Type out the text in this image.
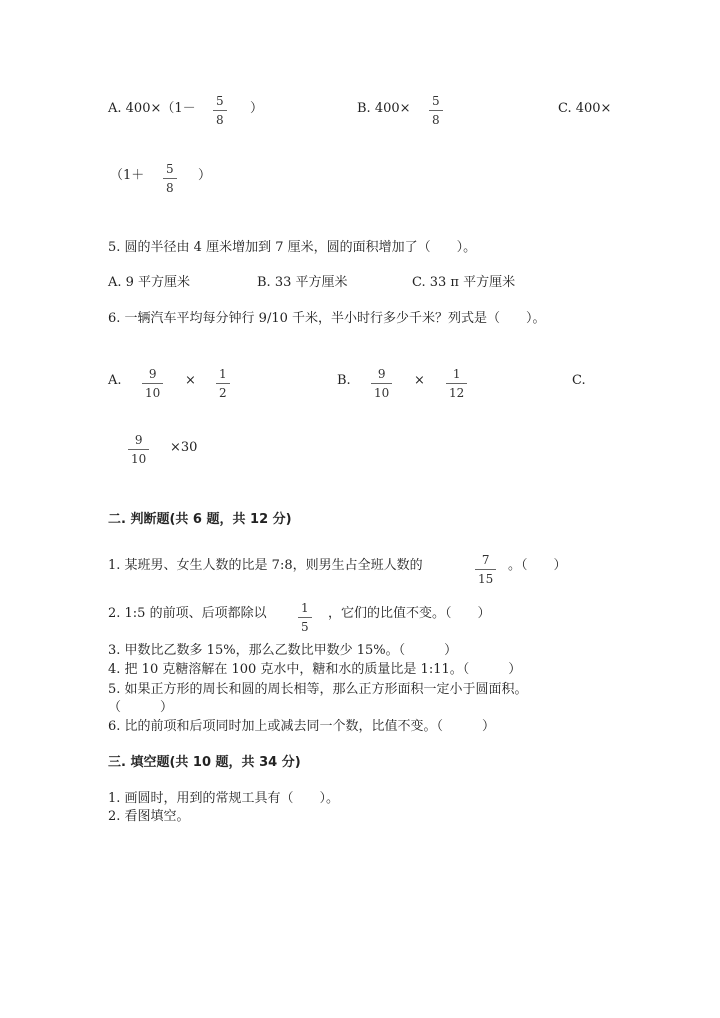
A. 400×（1－ 5
8
）	B. 400× 5
8
C. 400×
（1＋ 5
8
）
5. 圆的半径由 4 厘米增加到 7 厘米，圆的面积增加了（　　）。
A. 9 平方厘米	B. 33 平方厘米	C. 33 π 平方厘米
6. 一辆汽车平均每分钟行 9/10 千米，半小时行多少千米？列式是（　　）。
A. 9
10
× 1
2
B. 9
10
× 1
12
C.
9
10
×30
二. 判断题(共 6 题，共 12 分)
1. 某班男、女生人数的比是 7:8，则男生占全班人数的	7
15
。（　　）
2. 1:5 的前项、后项都除以	1
5
，它们的比值不变。（　　）
3. 甲数比乙数多 15%，那么乙数比甲数少 15%。（　　　）
4. 把 10 克糖溶解在 100 克水中，糖和水的质量比是 1:11。（　　　）
5. 如果正方形的周长和圆的周长相等，那么正方形面积一定小于圆面积。
（　　　）
6. 比的前项和后项同时加上或减去同一个数，比值不变。（　　　）
三. 填空题(共 10 题，共 34 分)
1. 画圆时，用到的常规工具有（　　）。
2. 看图填空。
